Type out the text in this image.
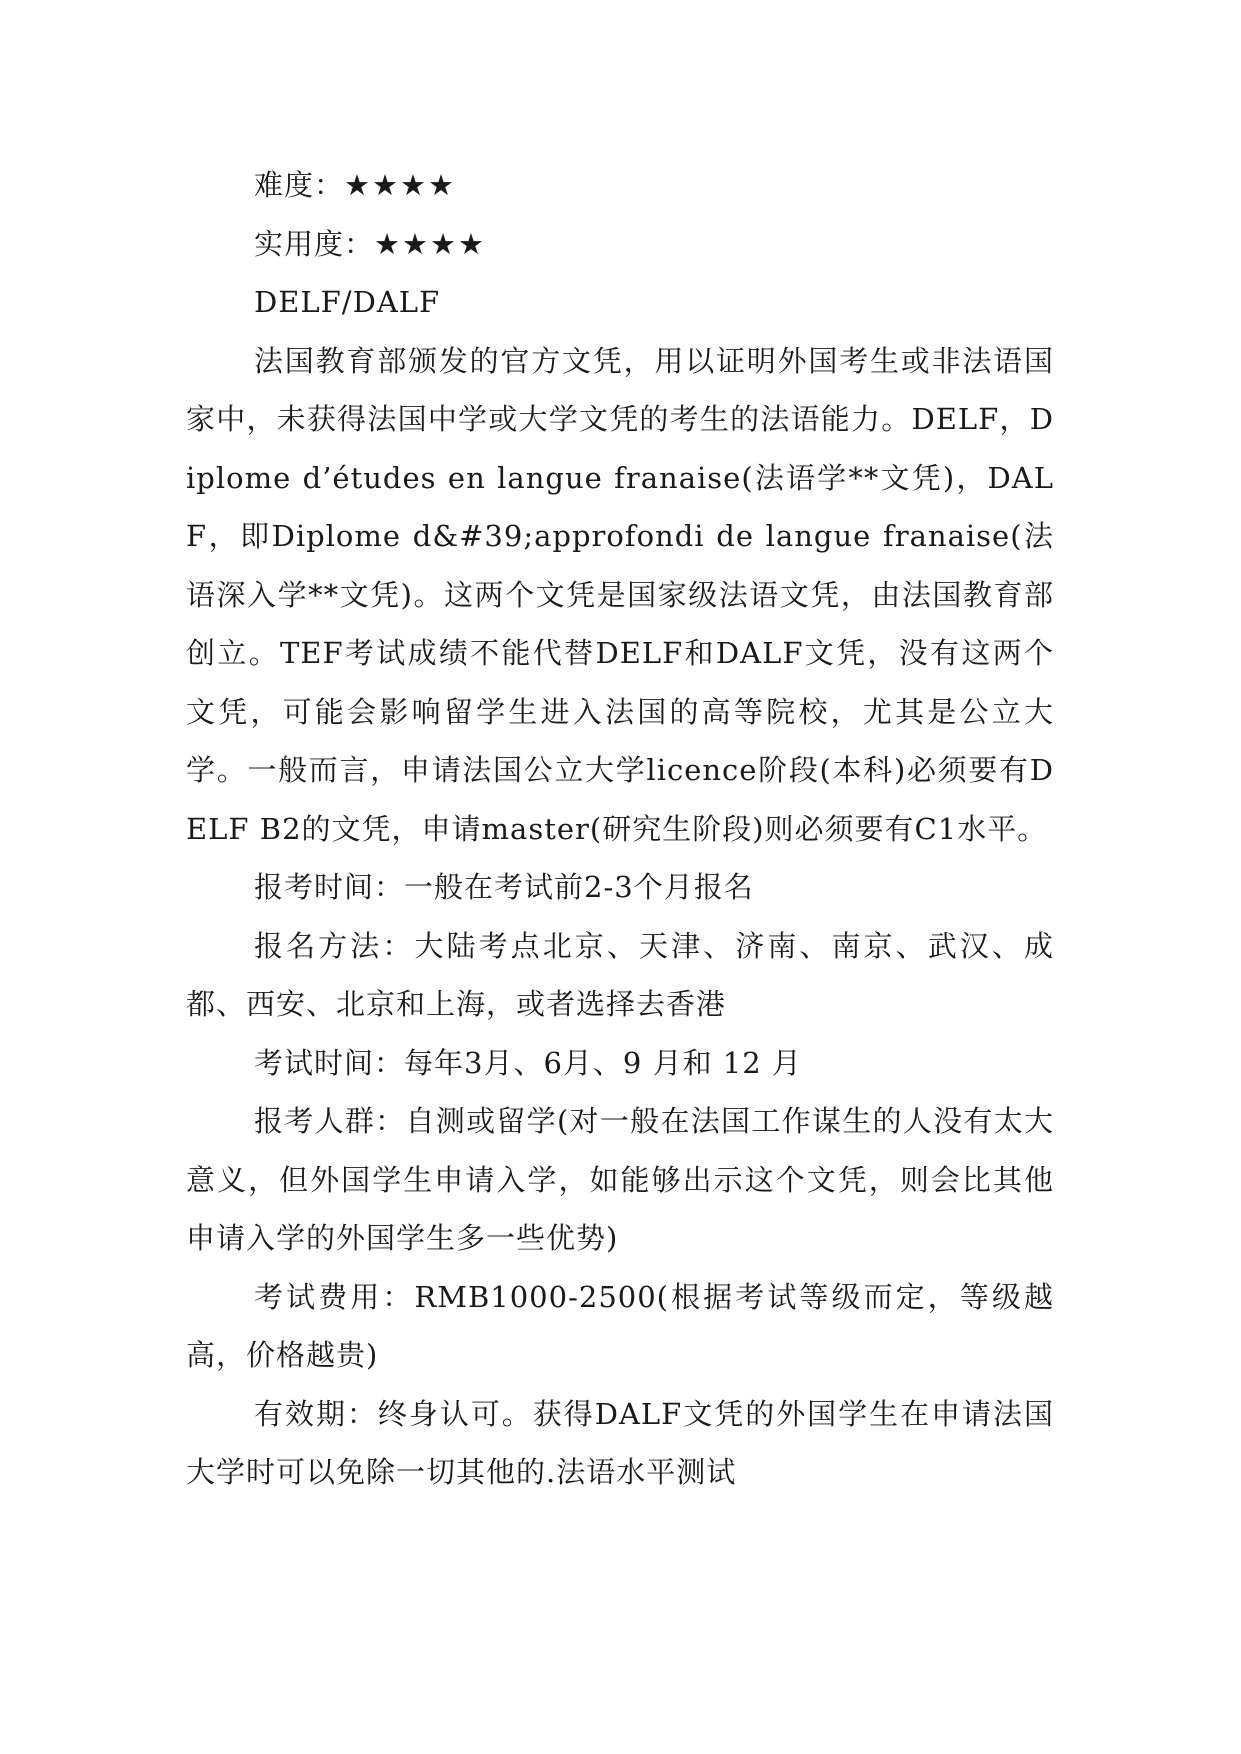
难度：★★★★

实用度：★★★★

DELF/DALF

法国教育部颁发的官方文凭，用以证明外国考生或非法语国家中，未获得法国中学或大学文凭的考生的法语能力。DELF，Diplome d’études en langue franaise(法语学**文凭)，DALF，即Diplome d&#39;approfondi de langue franaise(法语深入学**文凭)。这两个文凭是国家级法语文凭，由法国教育部创立。TEF考试成绩不能代替DELF和DALF文凭，没有这两个文凭，可能会影响留学生进入法国的高等院校，尤其是公立大学。一般而言，申请法国公立大学licence阶段(本科)必须要有DELF B2的文凭，申请master(研究生阶段)则必须要有C1水平。

报考时间：一般在考试前2-3个月报名

报名方法：大陆考点北京、天津、济南、南京、武汉、成都、西安、北京和上海，或者选择去香港

考试时间：每年3月、6月、9 月和 12 月

报考人群：自测或留学(对一般在法国工作谋生的人没有太大意义，但外国学生申请入学，如能够出示这个文凭，则会比其他申请入学的外国学生多一些优势)

考试费用：RMB1000-2500(根据考试等级而定，等级越高，价格越贵)

有效期：终身认可。获得DALF文凭的外国学生在申请法国大学时可以免除一切其他的.法语水平测试
